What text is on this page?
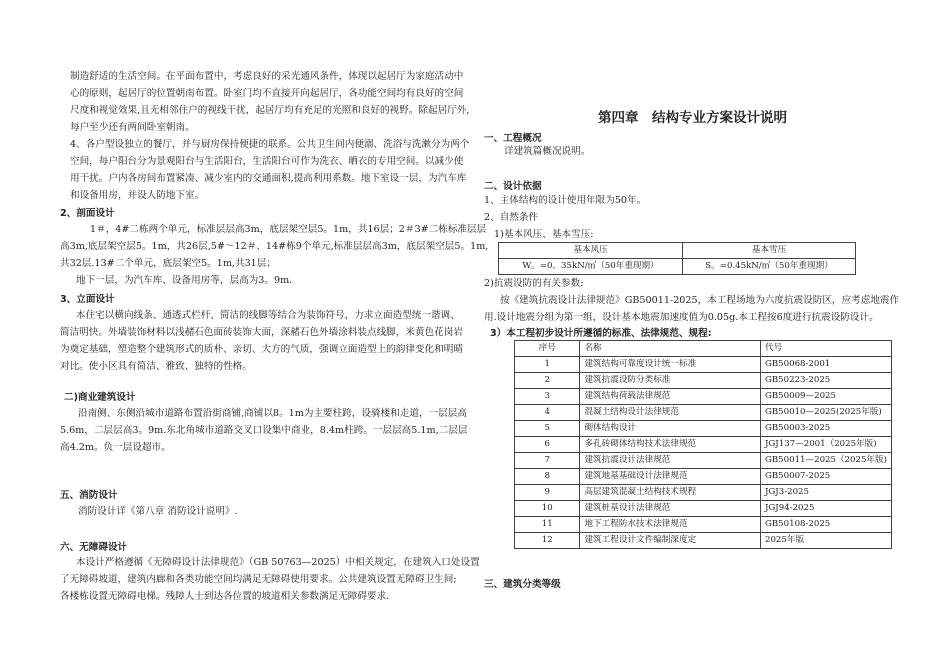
制造舒适的生活空间。在平面布置中，考虑良好的采光通风条件，体现以起居厅为家庭活动中
心的原则，起居厅的位置朝南布置。卧室门均不直接开向起居厅，各功能空间均有良好的空间
尺度和视觉效果,且无相邻住户的视线干扰，起居厅均有充足的光照和良好的视野。除起居厅外,
每户至少还有两间卧室朝南。
4、各户型设独立的餐厅，并与厨房保持便捷的联系。公共卫生间内便溺、洗浴与洗漱分为两个
空间，每户阳台分为景观阳台与生活阳台，生活阳台可作为洗衣、晒衣的专用空间。以减少使
用干扰。户内各房间布置紧凑、减少室内的交通面积,提高利用系数。地下室设一层，为汽车库
和设备用房，并设人防地下室。
2、剖面设计
1＃，4#二栋两个单元，标准层层高3m，底层架空层5。1m，共16层；2＃3#二栋标准层层
高3m,底层架空层5。1m，共26层,5#～12＃、14#栋9个单元,标准层层高3m，底层架空层5。1m,
共32层.13#二个单元，底层架空5。1m,共31层；
地下一层，为汽车库、设备用房等，层高为3。9m.
3、立面设计
本住宅以横向线条、通透式栏杆、简洁的线脚等结合为装饰符号，力求立面造型统一谐调、
简洁明快。外墙装饰材料以浅赭石色面砖装饰大面，深赭石色外墙涂料装点线脚，米黄色花岗岩
为奠定基础，塑造整个建筑形式的质朴、亲切、大方的气质，强调立面造型上的韵律变化和明晴
对比。使小区具有简洁、雅致、独特的性格。
二)商业建筑设计
沿南侧、东侧沿城市道路布置沿街商铺,商铺以8。1m为主要柱跨，设骑楼和走道，一层层高
5.6m，二层层高3。9m.东北角城市道路交叉口设集中商业，8.4m柱跨。一层层高5.1m,二层层
高4.2m。负一层设超市。
五、消防设计
消防设计详《第八章 消防设计说明》.
六、无障碍设计
本设计严格遵循《无障碍设计法律规范》（GB 50763—2025）中相关规定，在建筑入口处设置
了无障碍坡道，建筑内廊和各类功能空间均满足无障碍使用要求。公共建筑设置无障碍卫生间;
各楼栋设置无障碍电梯。残障人士到达各位置的坡道相关参数满足无障碍要求.
第四章　结构专业方案设计说明
一、工程概况
详建筑篇概况说明。
二、设计依据
1、主体结构的设计使用年限为50年。
2、自然条件
1)基本风压、基本雪压:
基本风压	基本雪压
W。=0。35kN/㎡（50年重现期）	S。=0.45kN/㎡（50年重现期）
2)抗震设防的有关参数:
按《建筑抗震设计法律规范》GB50011-2025，本工程场地为六度抗震设防区，应考虑地震作
用.设计地震分组为第一组，设计基本地震加速度值为0.05g.本工程按6度进行抗震设防设计。
3）本工程初步设计所遵循的标准、法律规范、规程:
序号	名称	代号
1	建筑结构可靠度设计统一标准	GB50068-2001
2	建筑抗震设防分类标准	GB50223-2025
3	建筑结构荷载法律规范	GB50009—2025
4	混凝土结构设计法律规范	GB50010—2025(2025年版)
5	砌体结构设计	GB50003-2025
6	多孔砖砌体结构技术法律规范	JGJ137—2001（2025年版)
7	建筑抗震设计法律规范	GB50011—2025（2025年版)
8	建筑地基基础设计法律规范	GB50007-2025
9	高层建筑混凝土结构技术规程	JGJ3-2025
10	建筑桩基设计法律规范	JGJ94-2025
11	地下工程防水技术法律规范	GB50108-2025
12	建筑工程设计文件编制深度定	2025年版
三、建筑分类等级
